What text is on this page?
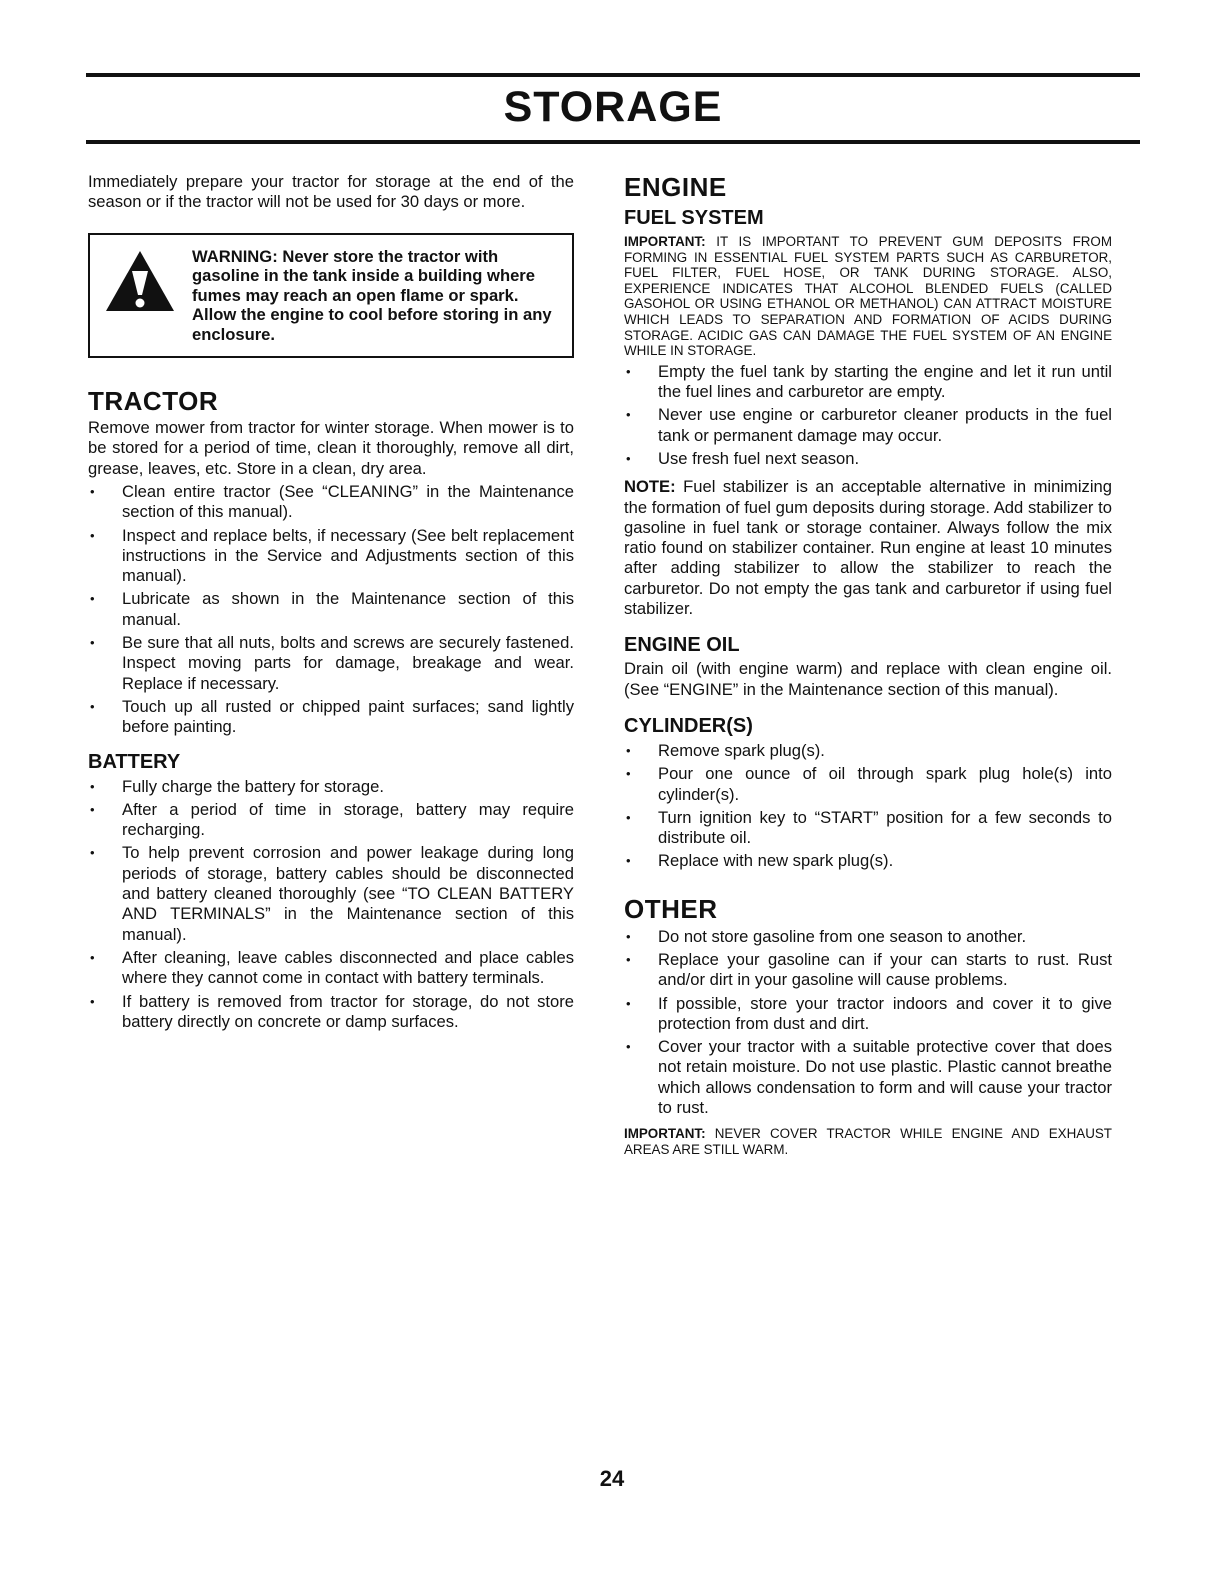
STORAGE

Immediately prepare your tractor for storage at the end of the season or if the tractor will not be used for 30 days or more.

WARNING: Never store the tractor with gasoline in the tank inside a building where fumes may reach an open flame or spark. Allow the engine to cool before storing in any enclosure.

TRACTOR

Remove mower from tractor for winter storage. When mower is to be stored for a period of time, clean it thoroughly, remove all dirt, grease, leaves, etc. Store in a clean, dry area.

• Clean entire tractor (See “CLEANING” in the Maintenance section of this manual).
• Inspect and replace belts, if necessary (See belt replacement instructions in the Service and Adjustments section of this manual).
• Lubricate as shown in the Maintenance section of this manual.
• Be sure that all nuts, bolts and screws are securely fastened. Inspect moving parts for damage, breakage and wear. Replace if necessary.
• Touch up all rusted or chipped paint surfaces; sand lightly before painting.
BATTERY
• Fully charge the battery for storage.
• After a period of time in storage, battery may require recharging.
• To help prevent corrosion and power leakage during long periods of storage, battery cables should be disconnected and battery cleaned thoroughly (see “TO CLEAN BATTERY AND TERMINALS” in the Maintenance section of this manual).
• After cleaning, leave cables disconnected and place cables where they cannot come in contact with battery terminals.
• If battery is removed from tractor for storage, do not store battery directly on concrete or damp surfaces.
ENGINE
FUEL SYSTEM

IMPORTANT: IT IS IMPORTANT TO PREVENT GUM DEPOSITS FROM FORMING IN ESSENTIAL FUEL SYSTEM PARTS SUCH AS CARBURETOR, FUEL FILTER, FUEL HOSE, OR TANK DURING STORAGE. ALSO, EXPERIENCE INDICATES THAT ALCOHOL BLENDED FUELS (CALLED GASOHOL OR USING ETHANOL OR METHANOL) CAN ATTRACT MOISTURE WHICH LEADS TO SEPARATION AND FORMATION OF ACIDS DURING STORAGE. ACIDIC GAS CAN DAMAGE THE FUEL SYSTEM OF AN ENGINE WHILE IN STORAGE.

• Empty the fuel tank by starting the engine and let it run until the fuel lines and carburetor are empty.
• Never use engine or carburetor cleaner products in the fuel tank or permanent damage may occur.
• Use fresh fuel next season.

NOTE: Fuel stabilizer is an acceptable alternative in minimizing the formation of fuel gum deposits during storage. Add stabilizer to gasoline in fuel tank or storage container. Always follow the mix ratio found on stabilizer container. Run engine at least 10 minutes after adding stabilizer to allow the stabilizer to reach the carburetor. Do not empty the gas tank and carburetor if using fuel stabilizer.

ENGINE OIL

Drain oil (with engine warm) and replace with clean engine oil. (See “ENGINE” in the Maintenance section of this manual).

CYLINDER(S)
• Remove spark plug(s).
• Pour one ounce of oil through spark plug hole(s) into cylinder(s).
• Turn ignition key to “START” position for a few seconds to distribute oil.
• Replace with new spark plug(s).
OTHER
• Do not store gasoline from one season to another.
• Replace your gasoline can if your can starts to rust. Rust and/or dirt in your gasoline will cause problems.
• If possible, store your tractor indoors and cover it to give protection from dust and dirt.
• Cover your tractor with a suitable protective cover that does not retain moisture. Do not use plastic. Plastic cannot breathe which allows condensation to form and will cause your tractor to rust.

IMPORTANT: NEVER COVER TRACTOR WHILE ENGINE AND EXHAUST AREAS ARE STILL WARM.

24
